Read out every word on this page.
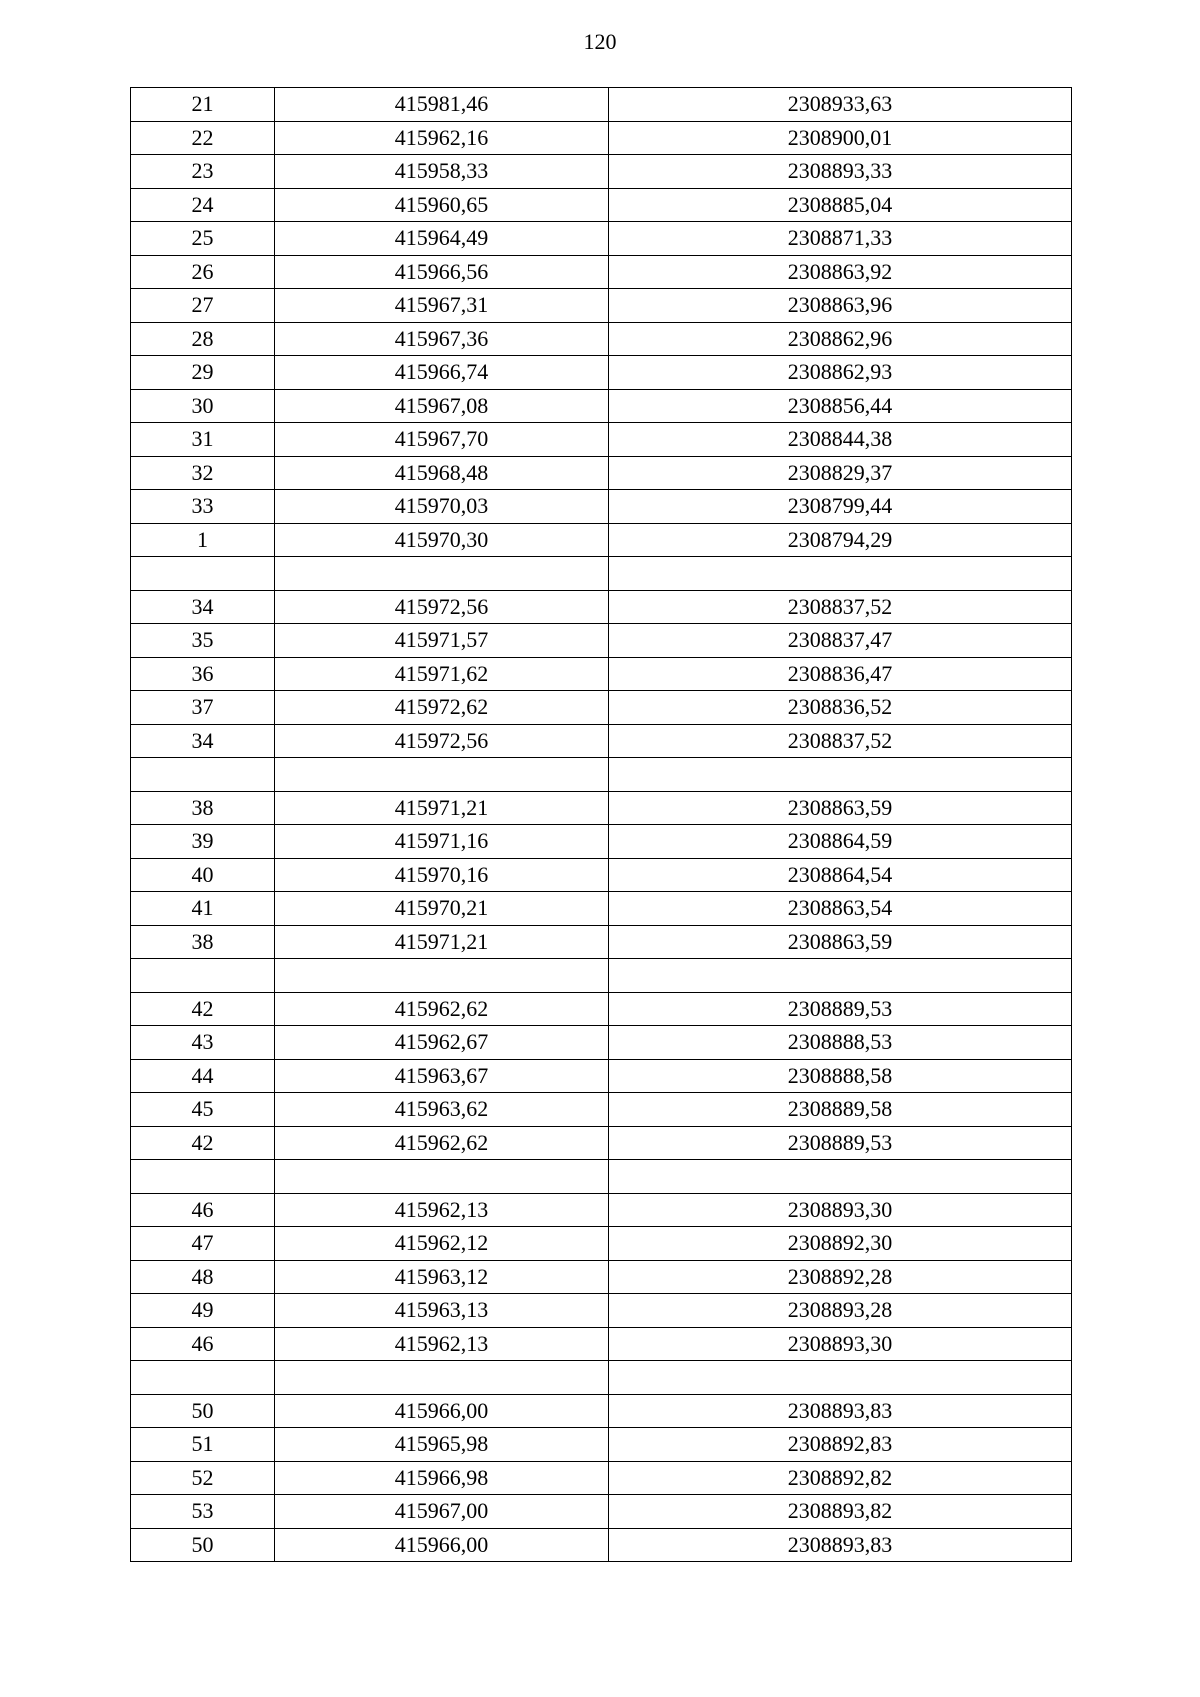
120
21	415981,46	2308933,63
22	415962,16	2308900,01
23	415958,33	2308893,33
24	415960,65	2308885,04
25	415964,49	2308871,33
26	415966,56	2308863,92
27	415967,31	2308863,96
28	415967,36	2308862,96
29	415966,74	2308862,93
30	415967,08	2308856,44
31	415967,70	2308844,38
32	415968,48	2308829,37
33	415970,03	2308799,44
1	415970,30	2308794,29

34	415972,56	2308837,52
35	415971,57	2308837,47
36	415971,62	2308836,47
37	415972,62	2308836,52
34	415972,56	2308837,52

38	415971,21	2308863,59
39	415971,16	2308864,59
40	415970,16	2308864,54
41	415970,21	2308863,54
38	415971,21	2308863,59

42	415962,62	2308889,53
43	415962,67	2308888,53
44	415963,67	2308888,58
45	415963,62	2308889,58
42	415962,62	2308889,53

46	415962,13	2308893,30
47	415962,12	2308892,30
48	415963,12	2308892,28
49	415963,13	2308893,28
46	415962,13	2308893,30

50	415966,00	2308893,83
51	415965,98	2308892,83
52	415966,98	2308892,82
53	415967,00	2308893,82
50	415966,00	2308893,83
